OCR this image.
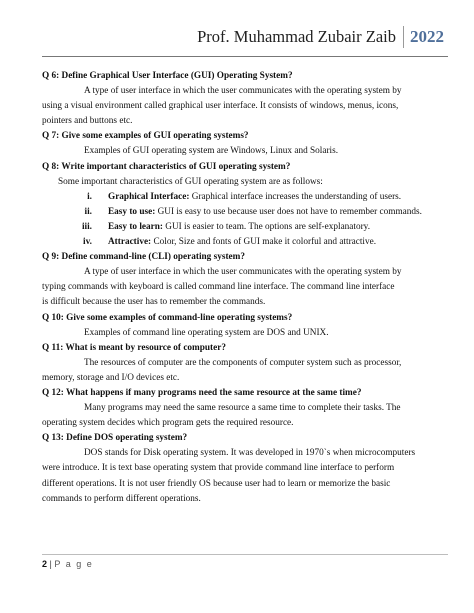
Prof. Muhammad Zubair Zaib 2022

Q 6: Define Graphical User Interface (GUI) Operating System?

A type of user interface in which the user communicates with the operating system by

using a visual environment called graphical user interface. It consists of windows, menus, icons,

pointers and buttons etc.

Q 7: Give some examples of GUI operating systems?

Examples of GUI operating system are Windows, Linux and Solaris.

Q 8: Write important characteristics of GUI operating system?

Some important characteristics of GUI operating system are as follows:

i.	Graphical Interface: Graphical interface increases the understanding of users.
ii.	Easy to use: GUI is easy to use because user does not have to remember commands.
iii.	Easy to learn: GUI is easier to team. The options are self-explanatory.
iv.	Attractive: Color, Size and fonts of GUI make it colorful and attractive.

Q 9: Define command-line (CLI) operating system?

A type of user interface in which the user communicates with the operating system by

typing commands with keyboard is called command line interface. The command line interface

is difficult because the user has to remember the commands.

Q 10: Give some examples of command-line operating systems?

Examples of command line operating system are DOS and UNIX.

Q 11: What is meant by resource of computer?

The resources of computer are the components of computer system such as processor,

memory, storage and I/O devices etc.

Q 12: What happens if many programs need the same resource at the same time?

Many programs may need the same resource a same time to complete their tasks. The

operating system decides which program gets the required resource.

Q 13: Define DOS operating system?

DOS stands for Disk operating system. It was developed in 1970`s when microcomputers

were introduce. It is text base operating system that provide command line interface to perform

different operations. It is not user friendly OS because user had to learn or memorize the basic

commands to perform different operations.

2 | P a g e
